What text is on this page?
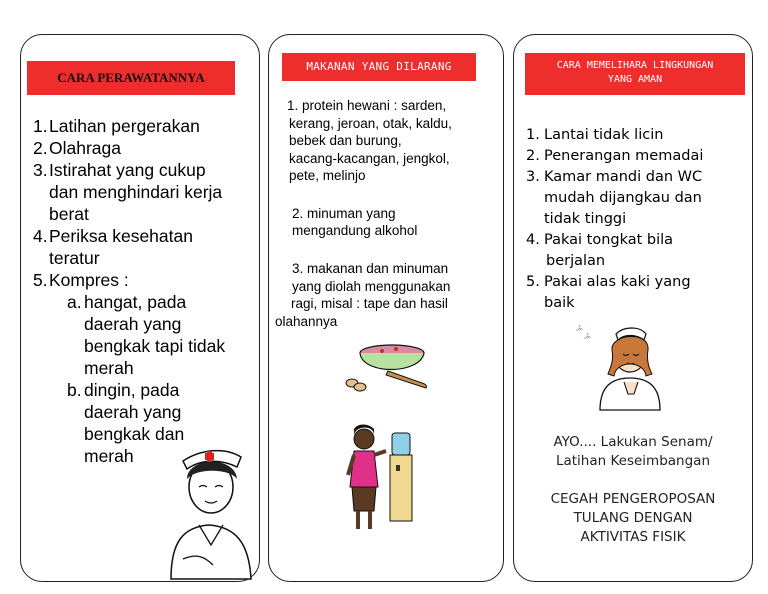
CARA PERAWATANNYA
1.Latihan pergerakan
2.Olahraga
3.Istirahat yang cukup
dan menghindari kerja
berat
4.Periksa kesehatan
teratur
5.Kompres :
a. hangat, pada
daerah yang
bengkak tapi tidak
merah
b. dingin, pada
daerah yang
bengkak dan
merah
MAKANAN YANG DILARANG
1. protein hewani : sarden,
kerang, jeroan, otak, kaldu,
bebek dan burung,
kacang-kacangan, jengkol,
pete, melinjo
2. minuman yang
mengandung alkohol
3. makanan dan minuman
yang diolah menggunakan
ragi, misal : tape dan hasil
olahannya
CARA MEMELIHARA LINGKUNGAN
YANG AMAN
1. Lantai tidak licin
2. Penerangan memadai
3. Kamar mandi dan WC
mudah dijangkau dan
tidak tinggi
4. Pakai tongkat bila
berjalan
5. Pakai alas kaki yang
baik
ふ
ふ
AYO.... Lakukan Senam/
Latihan Keseimbangan
CEGAH PENGEROPOSAN
TULANG DENGAN
AKTIVITAS FISIK
